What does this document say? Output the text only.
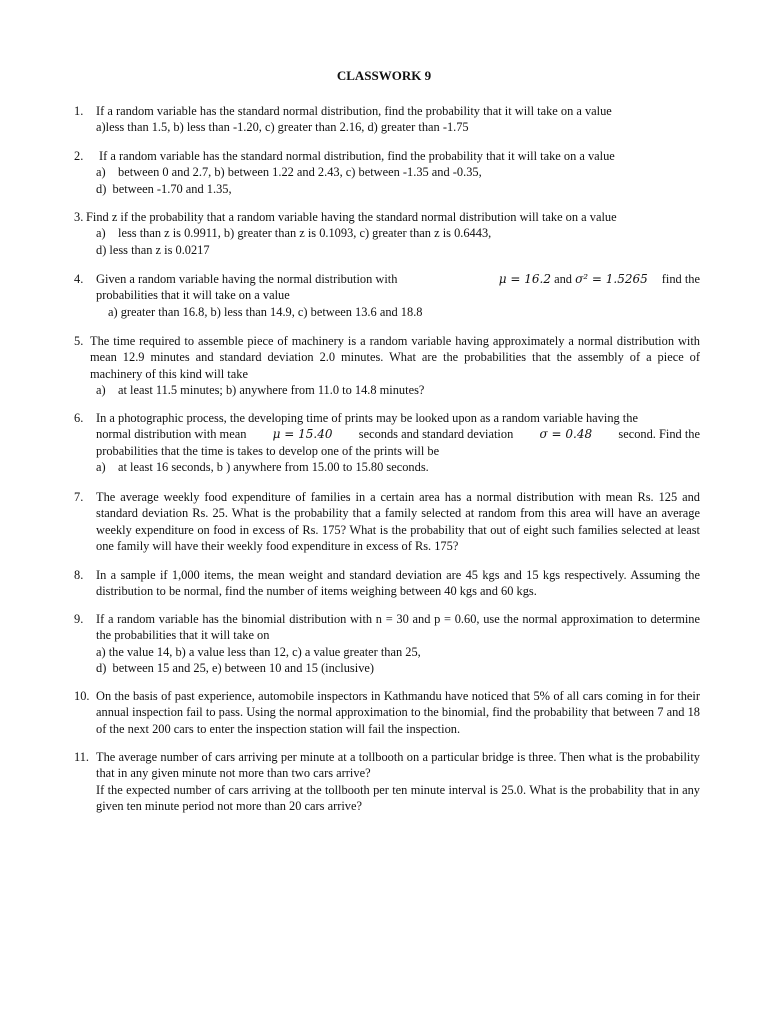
CLASSWORK 9
1. If a random variable has the standard normal distribution, find the probability that it will take on a value
a)less than 1.5, b) less than -1.20, c) greater than 2.16, d) greater than -1.75
2. If a random variable has the standard normal distribution, find the probability that it will take on a value
a)    between 0 and 2.7, b) between 1.22 and 2.43, c) between -1.35 and -0.35,
d)  between -1.70 and 1.35,
3. Find z if the probability that a random variable having the standard normal distribution will take on a value
a)    less than z is 0.9911, b) greater than z is 0.1093, c) greater than z is 0.6443,
d) less than z is 0.0217
4. Given a random variable having the normal distribution with	μ = 16.2 and σ² = 1.5265 find the
probabilities that it will take on a value
a) greater than 16.8, b) less than 14.9, c) between 13.6 and 18.8
5. The time required to assemble piece of machinery is a random variable having approximately a normal distribution with mean 12.9 minutes and standard deviation 2.0 minutes. What are the probabilities that the assembly of a piece of machinery of this kind will take
a)    at least 11.5 minutes; b) anywhere from 11.0 to 14.8 minutes?
6. In a photographic process, the developing time of prints may be looked upon as a random variable having the
normal distribution with mean μ = 15.40 seconds and standard deviation σ = 0.48 second. Find the
probabilities that the time is takes to develop one of the prints will be
a)    at least 16 seconds, b ) anywhere from 15.00 to 15.80 seconds.
7. The average weekly food expenditure of families in a certain area has a normal distribution with mean Rs. 125 and standard deviation Rs. 25. What is the probability that a family selected at random from this area will have an average weekly expenditure on food in excess of Rs. 175? What is the probability that out of eight such families selected at least one family will have their weekly food expenditure in excess of Rs. 175?
8. In a sample if 1,000 items, the mean weight and standard deviation are 45 kgs and 15 kgs respectively. Assuming the distribution to be normal, find the number of items weighing between 40 kgs and 60 kgs.
9. If a random variable has the binomial distribution with n = 30 and p = 0.60, use the normal approximation to determine the probabilities that it will take on
a) the value 14, b) a value less than 12, c) a value greater than 25,
d)  between 15 and 25, e) between 10 and 15 (inclusive)
10. On the basis of past experience, automobile inspectors in Kathmandu have noticed that 5% of all cars coming in for their annual inspection fail to pass. Using the normal approximation to the binomial, find the probability that between 7 and 18 of the next 200 cars to enter the inspection station will fail the inspection.
11. The average number of cars arriving per minute at a tollbooth on a particular bridge is three. Then what is the probability that in any given minute not more than two cars arrive?
If the expected number of cars arriving at the tollbooth per ten minute interval is 25.0. What is the probability that in any given ten minute period not more than 20 cars arrive?
